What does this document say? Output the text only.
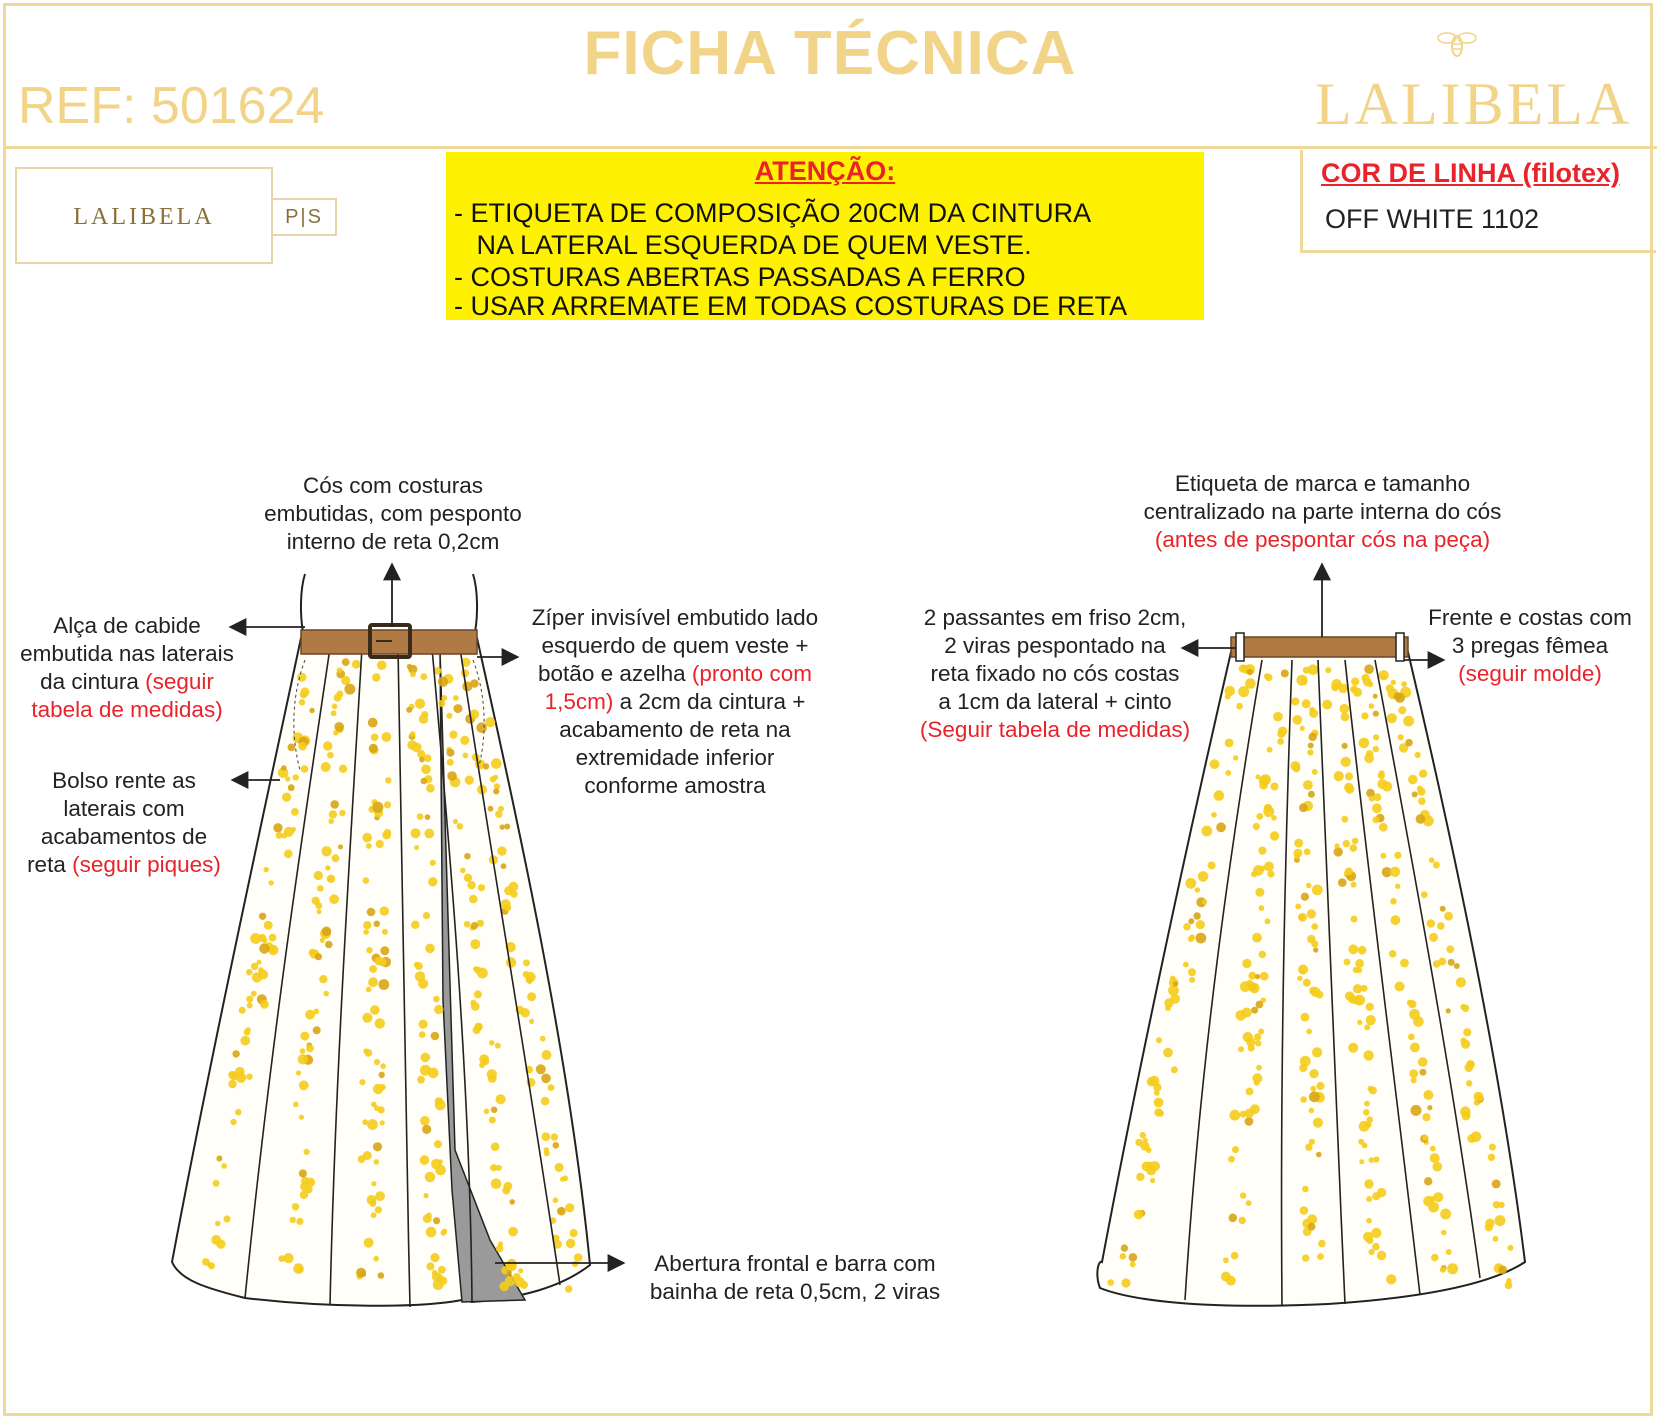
FICHA TÉCNICA
REF: 501624	LALIBELA
LALIBELA	P|S
ATENÇÃO:
- ETIQUETA DE COMPOSIÇÃO 20CM DA CINTURA
NA LATERAL ESQUERDA DE QUEM VESTE.
- COSTURAS ABERTAS PASSADAS A FERRO
- USAR ARREMATE EM TODAS COSTURAS DE RETA
COR DE LINHA (filotex)
OFF WHITE 1102
Cós com costuras
embutidas, com pesponto
interno de reta 0,2cm
Alça de cabide
embutida nas laterais
da cintura (seguir
tabela de medidas)
Bolso rente as
laterais com
acabamentos de
reta (seguir piques)
Zíper invisível embutido lado
esquerdo de quem veste +
botão e azelha (pronto com
1,5cm) a 2cm da cintura +
acabamento de reta na
extremidade inferior
conforme amostra
Abertura frontal e barra com
bainha de reta 0,5cm, 2 viras
Etiqueta de marca e tamanho
centralizado na parte interna do cós
(antes de pespontar cós na peça)
2 passantes em friso 2cm,
2 viras pespontado na
reta fixado no cós costas
a 1cm da lateral + cinto
(Seguir tabela de medidas)
Frente e costas com
3 pregas fêmea
(seguir molde)
